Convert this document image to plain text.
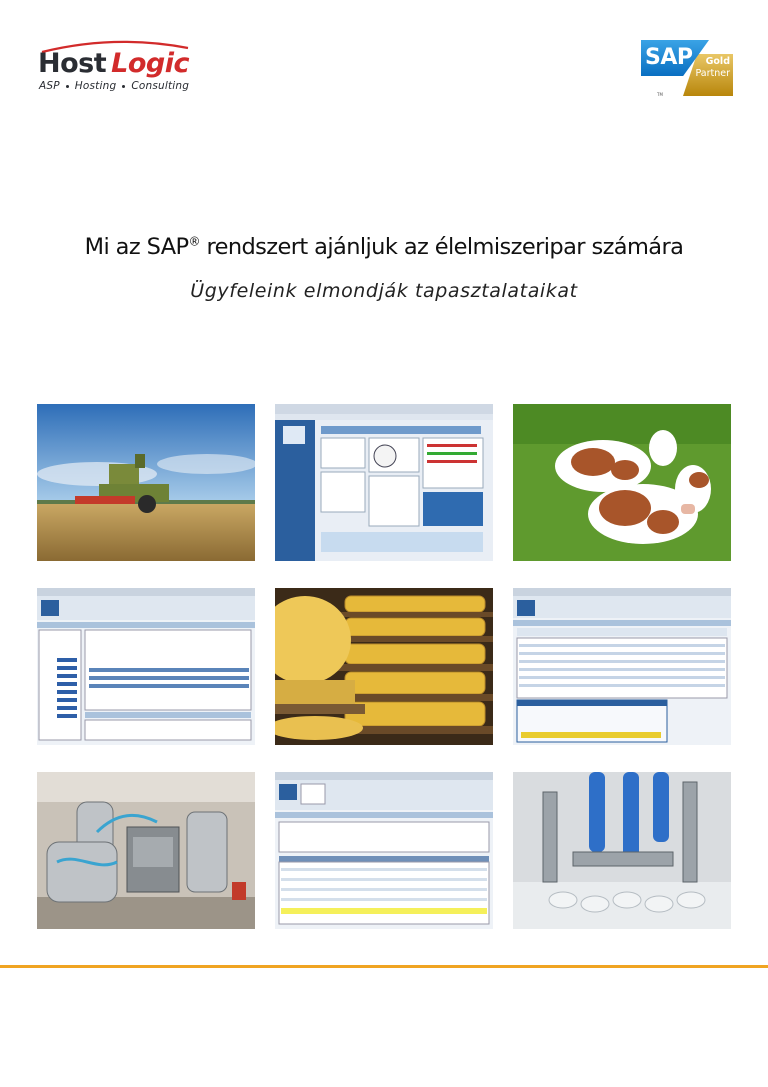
Host Logic
ASP Hosting Consulting
SAP	Gold
Partner
TM
Mi az SAP® rendszert ajánljuk az élelmiszeripar számára
Ügyfeleink elmondják tapasztalataikat
